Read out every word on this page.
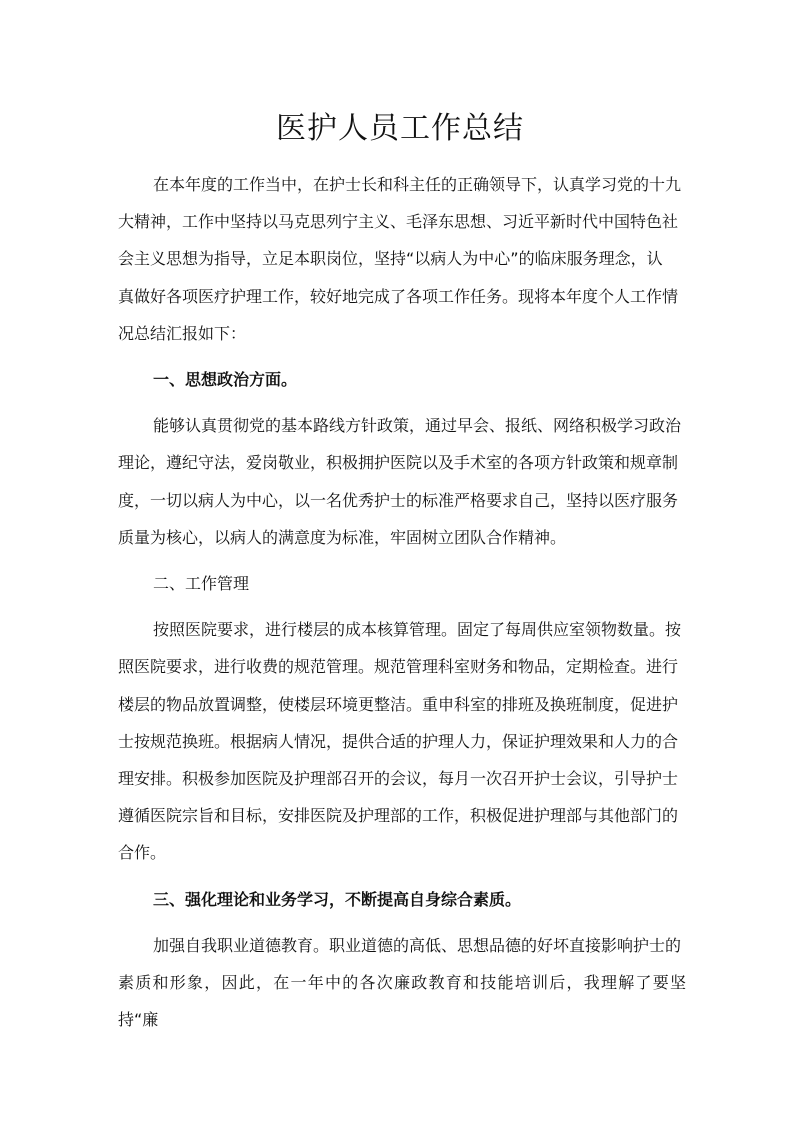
医护人员工作总结

在本年度的工作当中，在护士长和科主任的正确领导下，认真学习党的十九
大精神，工作中坚持以马克思列宁主义、毛泽东思想、习近平新时代中国特色社
会主义思想为指导，立足本职岗位，坚持“以病人为中心”的临床服务理念，认
真做好各项医疗护理工作，较好地完成了各项工作任务。现将本年度个人工作情
况总结汇报如下：

一、思想政治方面。

能够认真贯彻党的基本路线方针政策，通过早会、报纸、网络积极学习政治
理论，遵纪守法，爱岗敬业，积极拥护医院以及手术室的各项方针政策和规章制
度，一切以病人为中心，以一名优秀护士的标准严格要求自己，坚持以医疗服务
质量为核心，以病人的满意度为标准，牢固树立团队合作精神。

二、工作管理

按照医院要求，进行楼层的成本核算管理。固定了每周供应室领物数量。按
照医院要求，进行收费的规范管理。规范管理科室财务和物品，定期检查。进行
楼层的物品放置调整，使楼层环境更整洁。重申科室的排班及换班制度，促进护
士按规范换班。根据病人情况，提供合适的护理人力，保证护理效果和人力的合
理安排。积极参加医院及护理部召开的会议，每月一次召开护士会议，引导护士
遵循医院宗旨和目标，安排医院及护理部的工作，积极促进护理部与其他部门的
合作。

三、强化理论和业务学习，不断提高自身综合素质。

加强自我职业道德教育。职业道德的高低、思想品德的好坏直接影响护士的
素质和形象，因此，在一年中的各次廉政教育和技能培训后，我理解了要坚持“廉
